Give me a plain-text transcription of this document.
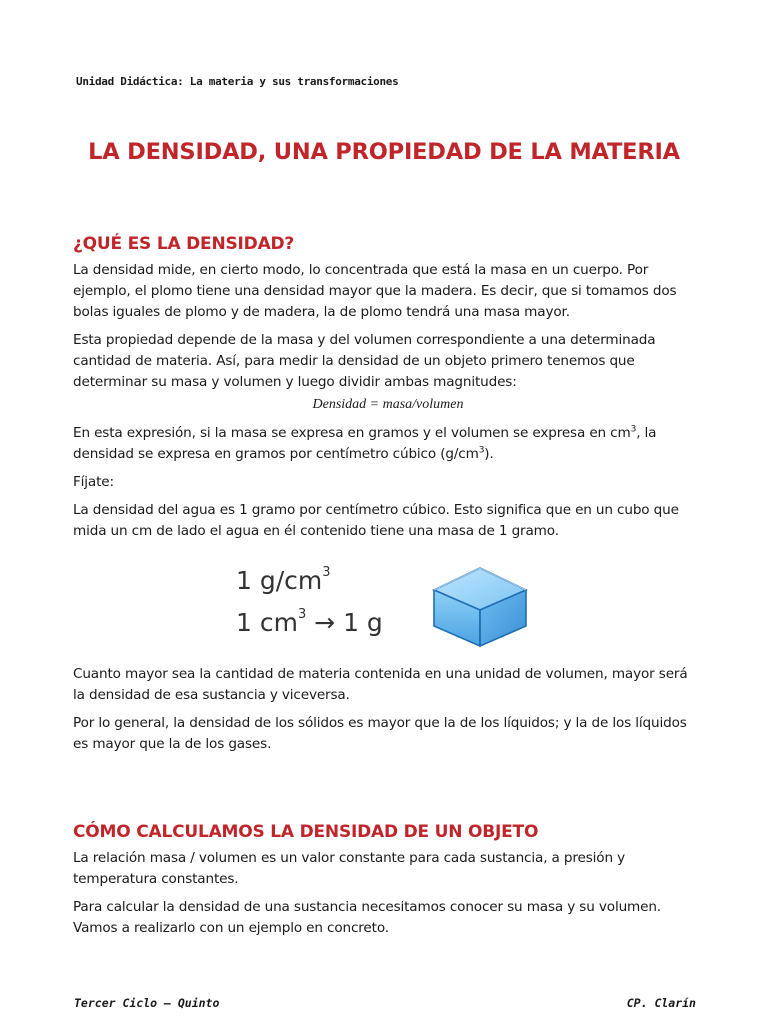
Unidad Didáctica: La materia y sus transformaciones
LA DENSIDAD, UNA PROPIEDAD DE LA MATERIA
¿QUÉ ES LA DENSIDAD?

La densidad mide, en cierto modo, lo concentrada que está la masa en un cuerpo. Por ejemplo, el plomo tiene una densidad mayor que la madera. Es decir, que si tomamos dos bolas iguales de plomo y de madera, la de plomo tendrá una masa mayor.

Esta propiedad depende de la masa y del volumen correspondiente a una determinada cantidad de materia. Así, para medir la densidad de un objeto primero tenemos que determinar su masa y volumen y luego dividir ambas magnitudes:

Densidad = masa/volumen

En esta expresión, si la masa se expresa en gramos y el volumen se expresa en $cm^3$, la densidad se expresa en gramos por centímetro cúbico $(g/cm^3)$.

Fíjate:

La densidad del agua es 1 gramo por centímetro cúbico. Esto significa que en un cubo que mida un cm de lado el agua en él contenido tiene una masa de 1 gramo.

1 $g/cm^3$
1 $cm^3 \to 1$ g

Cuanto mayor sea la cantidad de materia contenida en una unidad de volumen, mayor será la densidad de esa sustancia y viceversa.

Por lo general, la densidad de los sólidos es mayor que la de los líquidos; y la de los líquidos es mayor que la de los gases.

CÓMO CALCULAMOS LA DENSIDAD DE UN OBJETO

La relación masa / volumen es un valor constante para cada sustancia, a presión y temperatura constantes.

Para calcular la densidad de una sustancia necesitamos conocer su masa y su volumen. Vamos a realizarlo con un ejemplo en concreto.

Tercer Ciclo – Quinto	CP. Clarín
